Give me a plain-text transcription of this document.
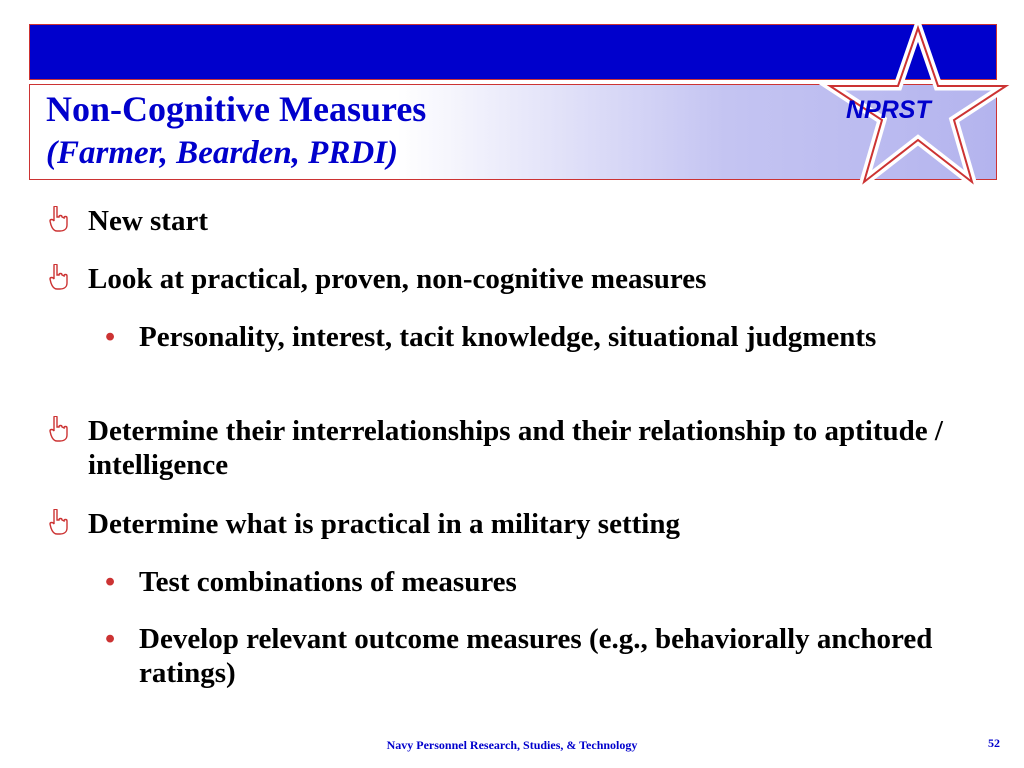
Non-Cognitive Measures
(Farmer, Bearden, PRDI)
NPRST
New start
Look at practical, proven, non-cognitive measures
• Personality, interest, tacit knowledge, situational judgments
Determine their interrelationships and their relationship to aptitude / intelligence
Determine what is practical in a military setting
• Test combinations of measures
• Develop relevant outcome measures (e.g., behaviorally anchored ratings)
Navy Personnel Research, Studies, & Technology	52
